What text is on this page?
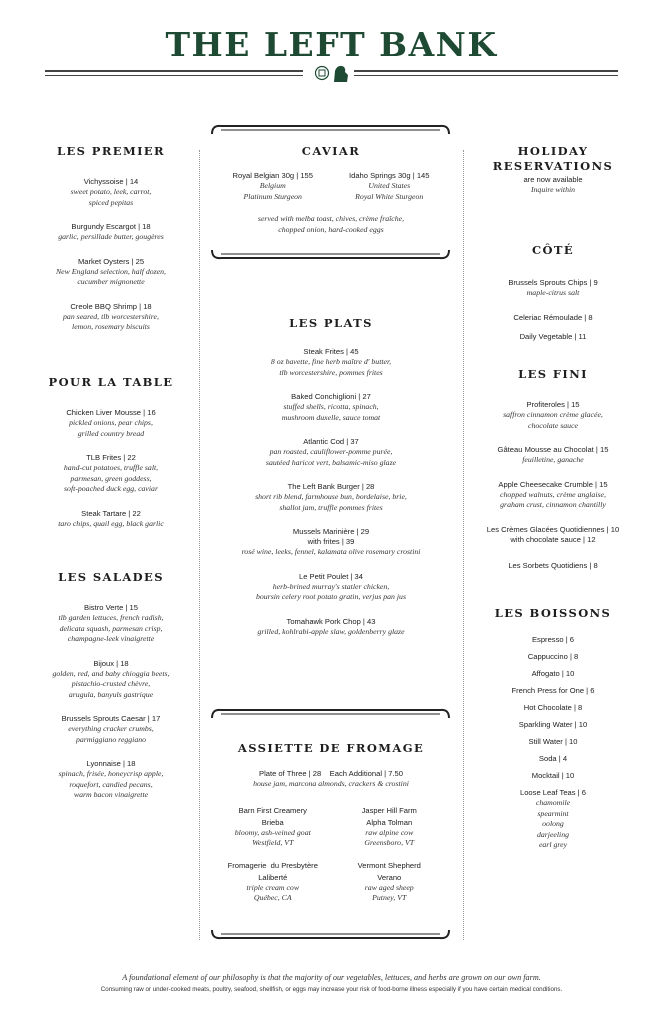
THE LEFT BANK
LES PREMIER
Vichyssoise | 14
sweet potato, leek, carrot,
spiced pepitas
Burgundy Escargot | 18
garlic, persillade butter, gougères
Market Oysters | 25
New England selection, half dozen,
cucumber mignonette
Creole BBQ Shrimp | 18
pan seared, tlb worcestershire,
lemon, rosemary biscuits
POUR LA TABLE
Chicken Liver Mousse | 16
pickled onions, pear chips,
grilled country bread
TLB Frites | 22
hand-cut potatoes, truffle salt,
parmesan, green goddess,
soft-poached duck egg, caviar
Steak Tartare | 22
taro chips, quail egg, black garlic
LES SALADES
Bistro Verte | 15
tlb garden lettuces, french radish,
delicata squash, parmesan crisp,
champagne-leek vinaigrette
Bijoux | 18
golden, red, and baby chioggia beets,
pistachio-crusted chèvre,
arugula, banyuls gastrique
Brussels Sprouts Caesar | 17
everything cracker crumbs,
parmiggiano reggiano
Lyonnaise | 18
spinach, frisée, honeycrisp apple,
roquefort, candied pecans,
warm bacon vinaigrette
CAVIAR
Royal Belgian 30g | 155
Belgium
Platinum Sturgeon
Idaho Springs 30g | 145
United States
Royal White Sturgeon
served with melba toast, chives, crème fraîche,
chopped onion, hard-cooked eggs
LES PLATS
Steak Frites | 45
8 oz bavette, fine herb maître d' butter,
tlb worcestershire, pommes frites
Baked Conchiglioni | 27
stuffed shells, ricotta, spinach,
mushroom duxelle, sauce tomat
Atlantic Cod | 37
pan roasted, cauliflower-pomme purée,
sautéed haricot vert, balsamic-miso glaze
The Left Bank Burger | 28
short rib blend, farmhouse bun, bordelaise, brie,
shallot jam, truffle pommes frites
Mussels Marinière | 29
with frites | 39
rosé wine, leeks, fennel, kalamata olive rosemary crostini
Le Petit Poulet | 34
herb-brined murray's statler chicken,
boursin celery root potato gratin, verjus pan jus
Tomahawk Pork Chop | 43
grilled, kohlrabi-apple slaw, goldenberry glaze
ASSIETTE DE FROMAGE
Plate of Three | 28    Each Additional | 7.50
house jam, marcona almonds, crackers & crostini
Barn First Creamery
Brieba
bloomy, ash-veined goat
Westfield, VT
Jasper Hill Farm
Alpha Tolman
raw alpine cow
Greensboro, VT
Fromagerie  du Presbytère
Laliberté
triple cream cow
Québec, CA
Vermont Shepherd
Verano
raw aged sheep
Putney, VT
HOLIDAY
RESERVATIONS
are now available
Inquire within
CÔTÉ
Brussels Sprouts Chips | 9
maple-citrus salt
Celeriac Rémoulade | 8
Daily Vegetable | 11
LES FINI
Profiteroles | 15
saffron cinnamon crème glacée,
chocolate sauce
Gâteau Mousse au Chocolat | 15
feuilletine, ganache
Apple Cheesecake Crumble | 15
chopped walnuts, crème anglaise,
graham crust, cinnamon chantilly
Les Crèmes Glacées Quotidiennes | 10
with chocolate sauce | 12
Les Sorbets Quotidiens | 8
LES BOISSONS
Espresso | 6
Cappuccino | 8
Affogato | 10
French Press for One | 6
Hot Chocolate | 8
Sparkling Water | 10
Still Water | 10
Soda | 4
Mocktail | 10
Loose Leaf Teas | 6
chamomile
spearmint
oolong
darjeeling
earl grey
A foundational element of our philosophy is that the majority of our vegetables, lettuces, and herbs are grown on our own farm.
Consuming raw or under-cooked meats, poultry, seafood, shellfish, or eggs may increase your risk of food-borne illness especially if you have certain medical conditions.
